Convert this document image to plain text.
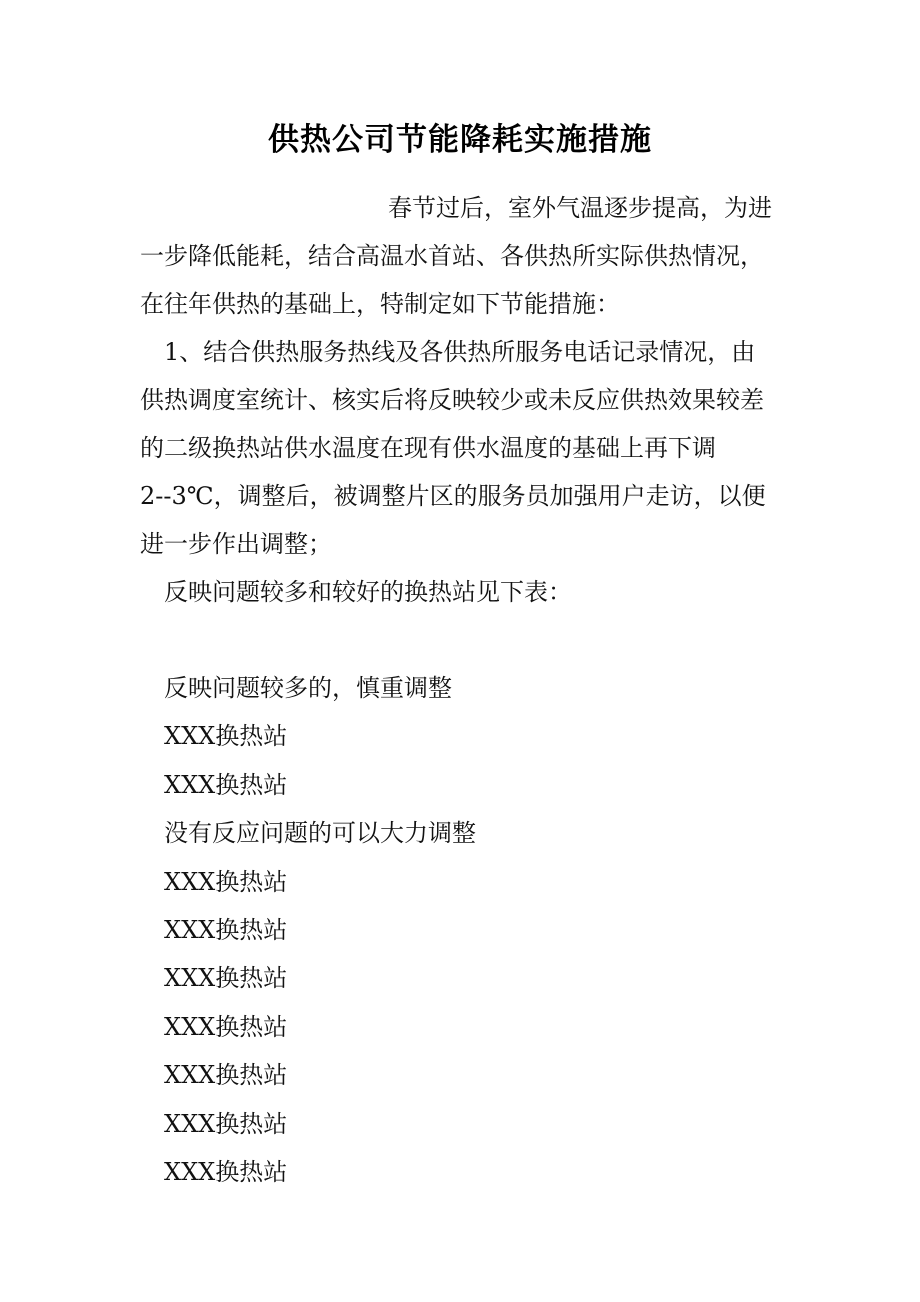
供热公司节能降耗实施措施
春节过后，室外气温逐步提高，为进
一步降低能耗，结合高温水首站、各供热所实际供热情况，
在往年供热的基础上，特制定如下节能措施：
1、结合供热服务热线及各供热所服务电话记录情况，由
供热调度室统计、核实后将反映较少或未反应供热效果较差
的二级换热站供水温度在现有供水温度的基础上再下调
2--3℃，调整后，被调整片区的服务员加强用户走访，以便
进一步作出调整；
反映问题较多和较好的换热站见下表：
反映问题较多的，慎重调整
XXX换热站
XXX换热站
没有反应问题的可以大力调整
XXX换热站
XXX换热站
XXX换热站
XXX换热站
XXX换热站
XXX换热站
XXX换热站
